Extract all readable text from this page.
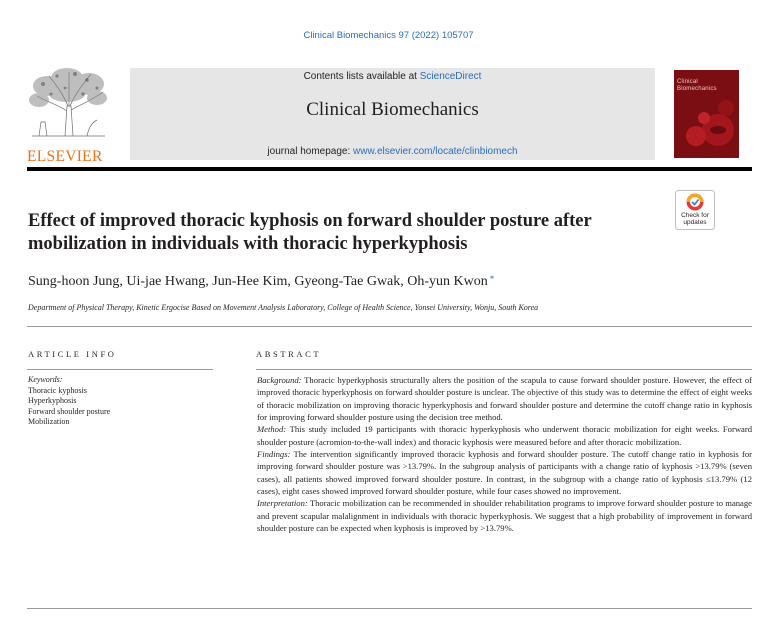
Clinical Biomechanics 97 (2022) 105707
ELSEVIER
Contents lists available at ScienceDirect
Clinical Biomechanics
journal homepage: www.elsevier.com/locate/clinbiomech
Clinical
Biomechanics
Check for
updates
Effect of improved thoracic kyphosis on forward shoulder posture after mobilization in individuals with thoracic hyperkyphosis
Sung-hoon Jung, Ui-jae Hwang, Jun-Hee Kim, Gyeong-Tae Gwak, Oh-yun Kwon *
Department of Physical Therapy, Kinetic Ergocise Based on Movement Analysis Laboratory, College of Health Science, Yonsei University, Wonju, South Korea
ARTICLE INFO
Keywords:
Thoracic kyphosis
Hyperkyphosis
Forward shoulder posture
Mobilization
ABSTRACT

Background: Thoracic hyperkyphosis structurally alters the position of the scapula to cause forward shoulder posture. However, the effect of improved thoracic hyperkyphosis on forward shoulder posture is unclear. The objective of this study was to determine the effect of eight weeks of thoracic mobilization on improving thoracic hyperkyphosis and forward shoulder posture and determine the cutoff change ratio in kyphosis for improving forward shoulder posture using the decision tree method.

Method: This study included 19 participants with thoracic hyperkyphosis who underwent thoracic mobilization for eight weeks. Forward shoulder posture (acromion-to-the-wall index) and thoracic kyphosis were measured before and after thoracic mobilization.

Findings: The intervention significantly improved thoracic kyphosis and forward shoulder posture. The cutoff change ratio in kyphosis for improving forward shoulder posture was >13.79%. In the subgroup analysis of participants with a change ratio of kyphosis >13.79% (seven cases), all patients showed improved forward shoulder posture. In contrast, in the subgroup with a change ratio of kyphosis ≤13.79% (12 cases), eight cases showed improved forward shoulder posture, while four cases showed no improvement.

Interpretation: Thoracic mobilization can be recommended in shoulder rehabilitation programs to improve forward shoulder posture to manage and prevent scapular malalignment in individuals with thoracic hyperkyphosis. We suggest that a high probability of improvement in forward shoulder posture can be expected when kyphosis is improved by >13.79%.
